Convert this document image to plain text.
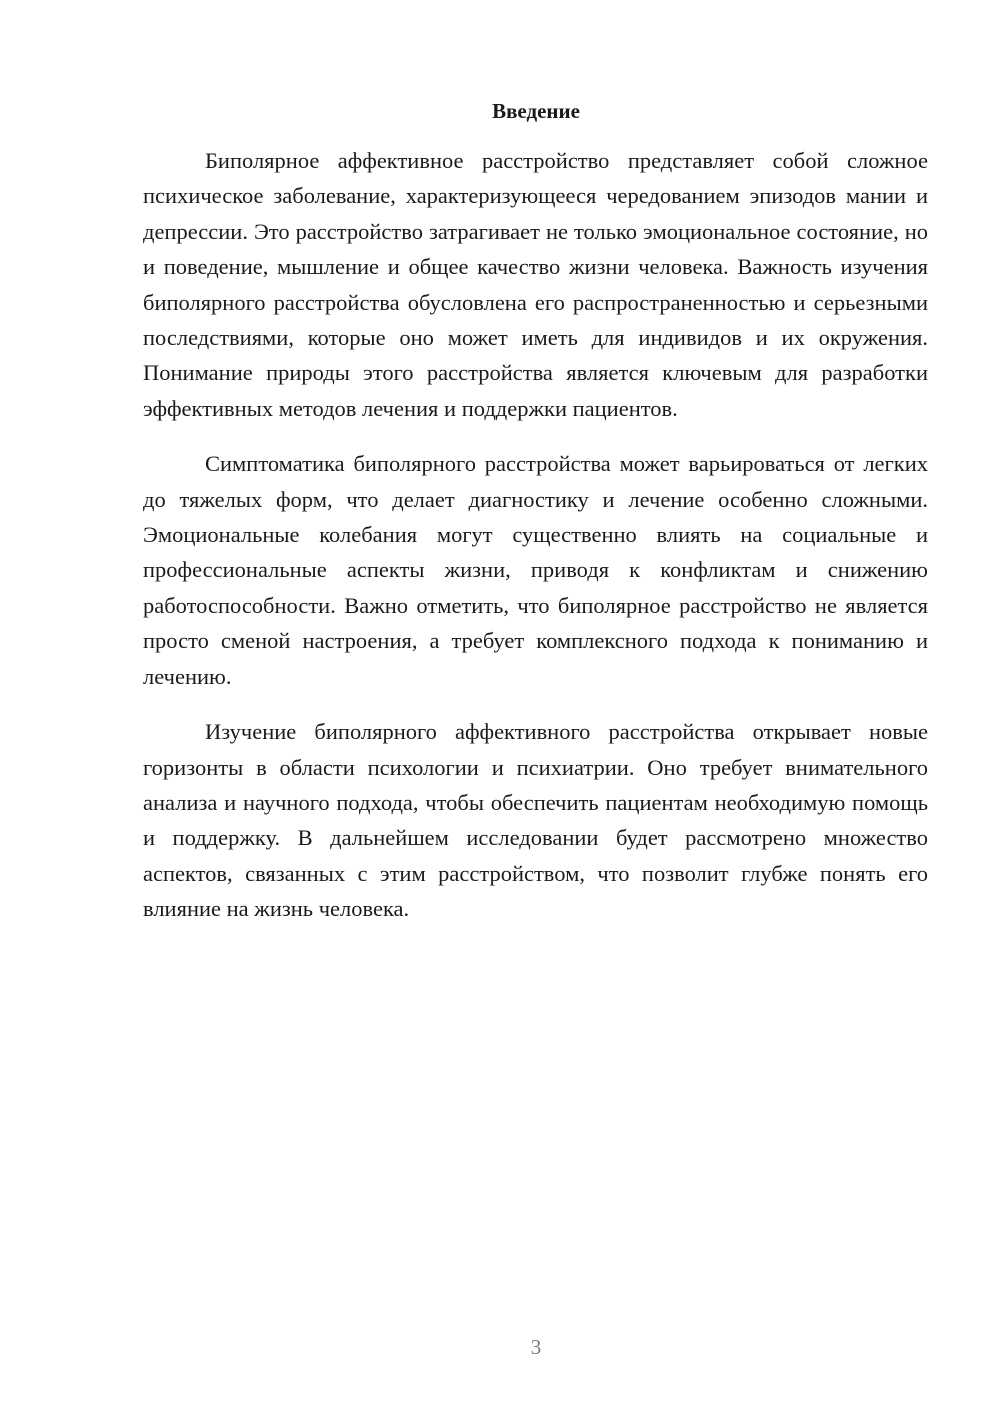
Введение

Биполярное аффективное расстройство представляет собой сложное психическое заболевание, характеризующееся чередованием эпизодов мании и депрессии. Это расстройство затрагивает не только эмоциональное состояние, но и поведение, мышление и общее качество жизни человека. Важность изучения биполярного расстройства обусловлена его распространенностью и серьезными последствиями, которые оно может иметь для индивидов и их окружения. Понимание природы этого расстройства является ключевым для разработки эффективных методов лечения и поддержки пациентов.

Симптоматика биполярного расстройства может варьироваться от легких до тяжелых форм, что делает диагностику и лечение особенно сложными. Эмоциональные колебания могут существенно влиять на социальные и профессиональные аспекты жизни, приводя к конфликтам и снижению работоспособности. Важно отметить, что биполярное расстройство не является просто сменой настроения, а требует комплексного подхода к пониманию и лечению.

Изучение биполярного аффективного расстройства открывает новые горизонты в области психологии и психиатрии. Оно требует внимательного анализа и научного подхода, чтобы обеспечить пациентам необходимую помощь и поддержку. В дальнейшем исследовании будет рассмотрено множество аспектов, связанных с этим расстройством, что позволит глубже понять его влияние на жизнь человека.

3
